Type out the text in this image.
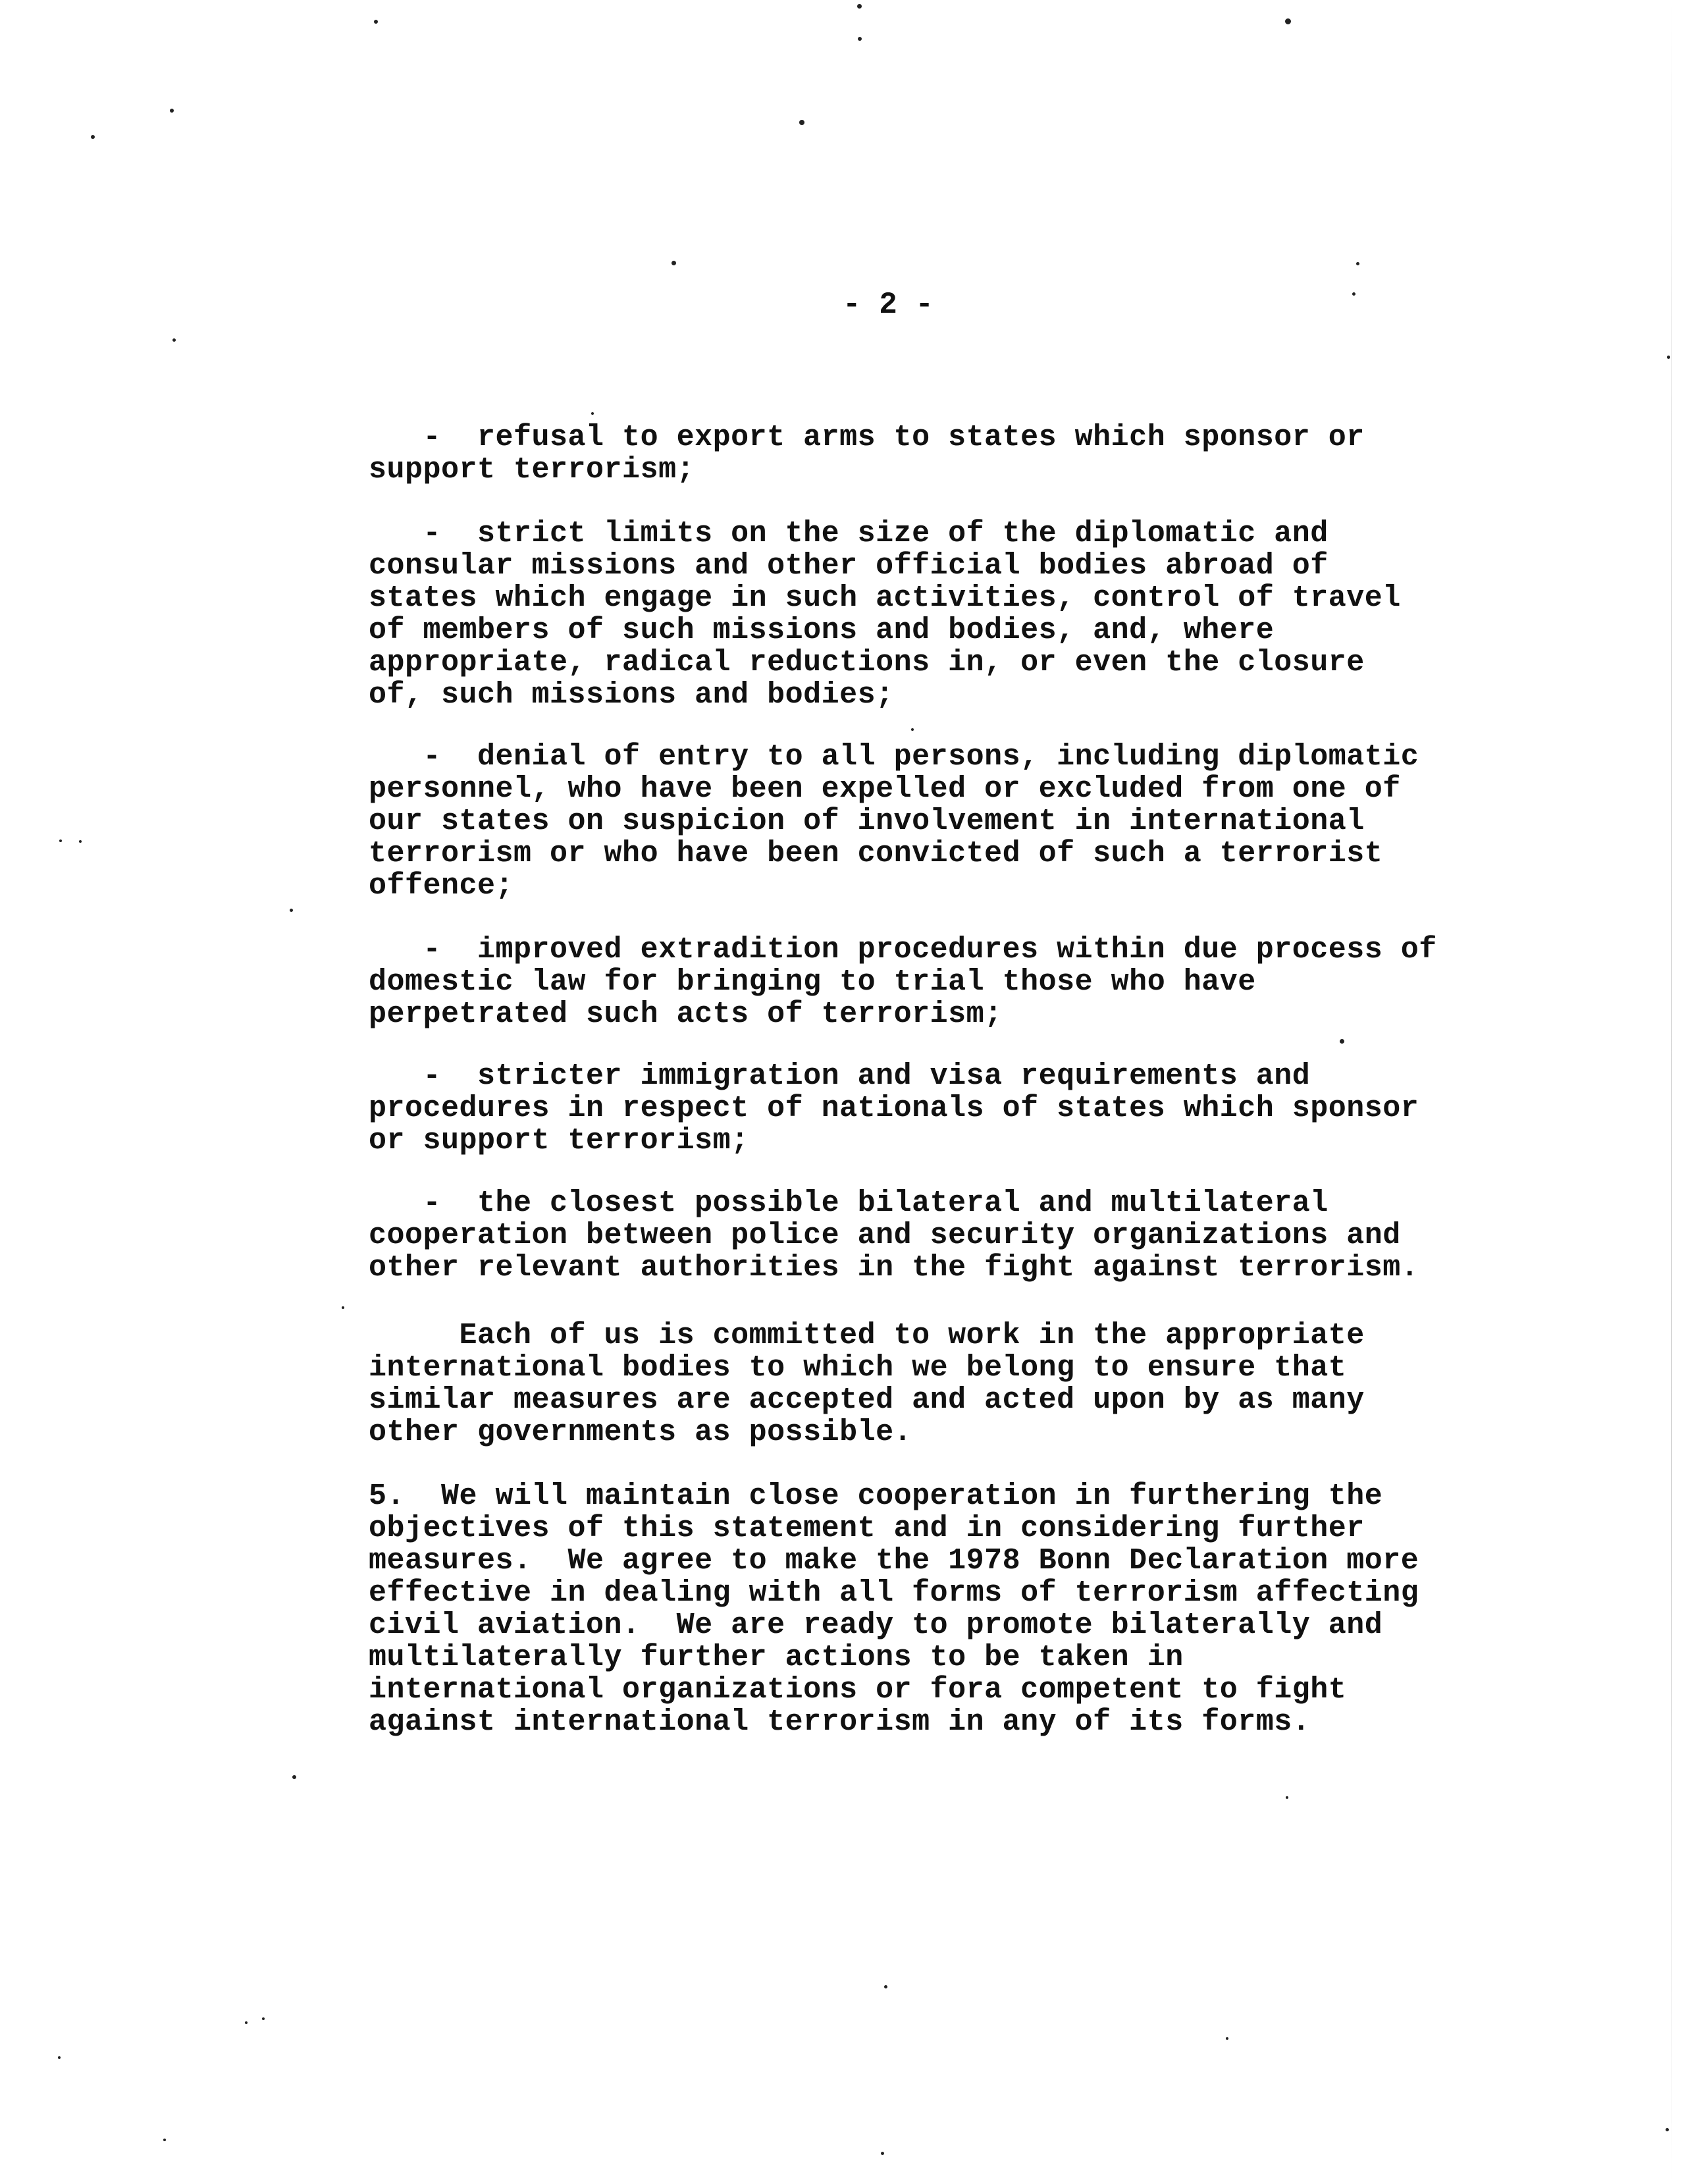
- 2 -

-  refusal to export arms to states which sponsor or
support terrorism;

-  strict limits on the size of the diplomatic and
consular missions and other official bodies abroad of
states which engage in such activities, control of travel
of members of such missions and bodies, and, where
appropriate, radical reductions in, or even the closure
of, such missions and bodies;

-  denial of entry to all persons, including diplomatic
personnel, who have been expelled or excluded from one of
our states on suspicion of involvement in international
terrorism or who have been convicted of such a terrorist
offence;

-  improved extradition procedures within due process of
domestic law for bringing to trial those who have
perpetrated such acts of terrorism;

-  stricter immigration and visa requirements and
procedures in respect of nationals of states which sponsor
or support terrorism;

-  the closest possible bilateral and multilateral
cooperation between police and security organizations and
other relevant authorities in the fight against terrorism.

Each of us is committed to work in the appropriate
international bodies to which we belong to ensure that
similar measures are accepted and acted upon by as many
other governments as possible.

5.  We will maintain close cooperation in furthering the
objectives of this statement and in considering further
measures.  We agree to make the 1978 Bonn Declaration more
effective in dealing with all forms of terrorism affecting
civil aviation.  We are ready to promote bilaterally and
multilaterally further actions to be taken in
international organizations or fora competent to fight
against international terrorism in any of its forms.
